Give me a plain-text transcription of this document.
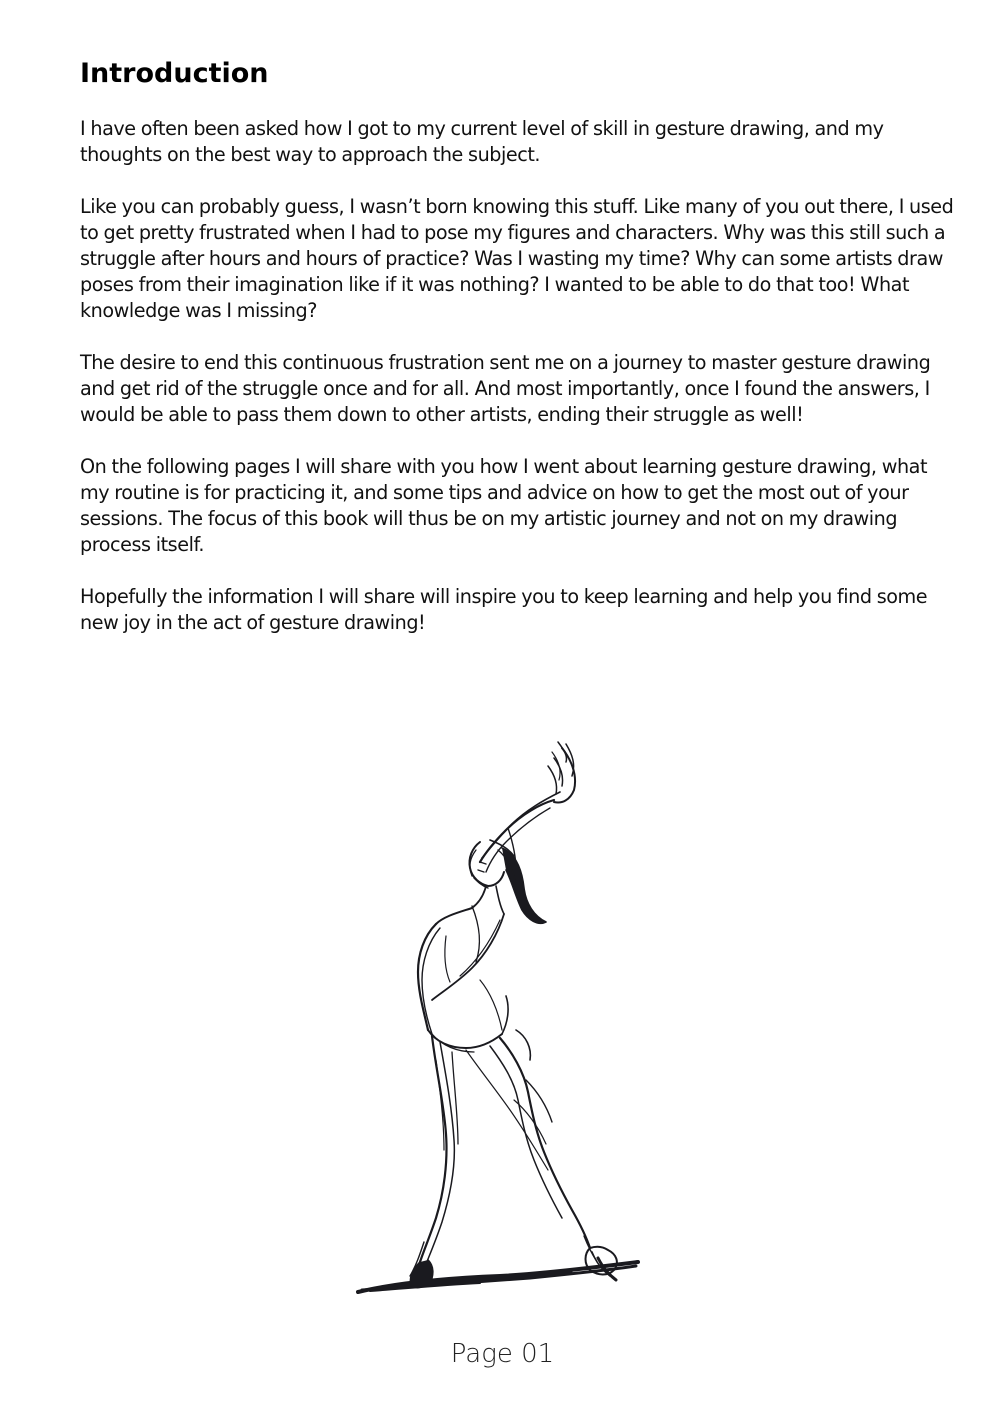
Introduction

I have often been asked how I got to my current level of skill in gesture drawing, and my thoughts on the best way to approach the subject.

Like you can probably guess, I wasn’t born knowing this stuff. Like many of you out there, I used to get pretty frustrated when I had to pose my figures and characters. Why was this still such a struggle after hours and hours of practice? Was I wasting my time? Why can some artists draw poses from their imagination like if it was nothing? I wanted to be able to do that too! What knowledge was I missing?

The desire to end this continuous frustration sent me on a journey to master gesture drawing and get rid of the struggle once and for all. And most importantly, once I found the answers, I would be able to pass them down to other artists, ending their struggle as well!

On the following pages I will share with you how I went about learning gesture drawing, what my routine is for practicing it, and some tips and advice on how to get the most out of your sessions. The focus of this book will thus be on my artistic journey and not on my drawing process itself.

Hopefully the information I will share will inspire you to keep learning and help you find some new joy in the act of gesture drawing!

Page 01
